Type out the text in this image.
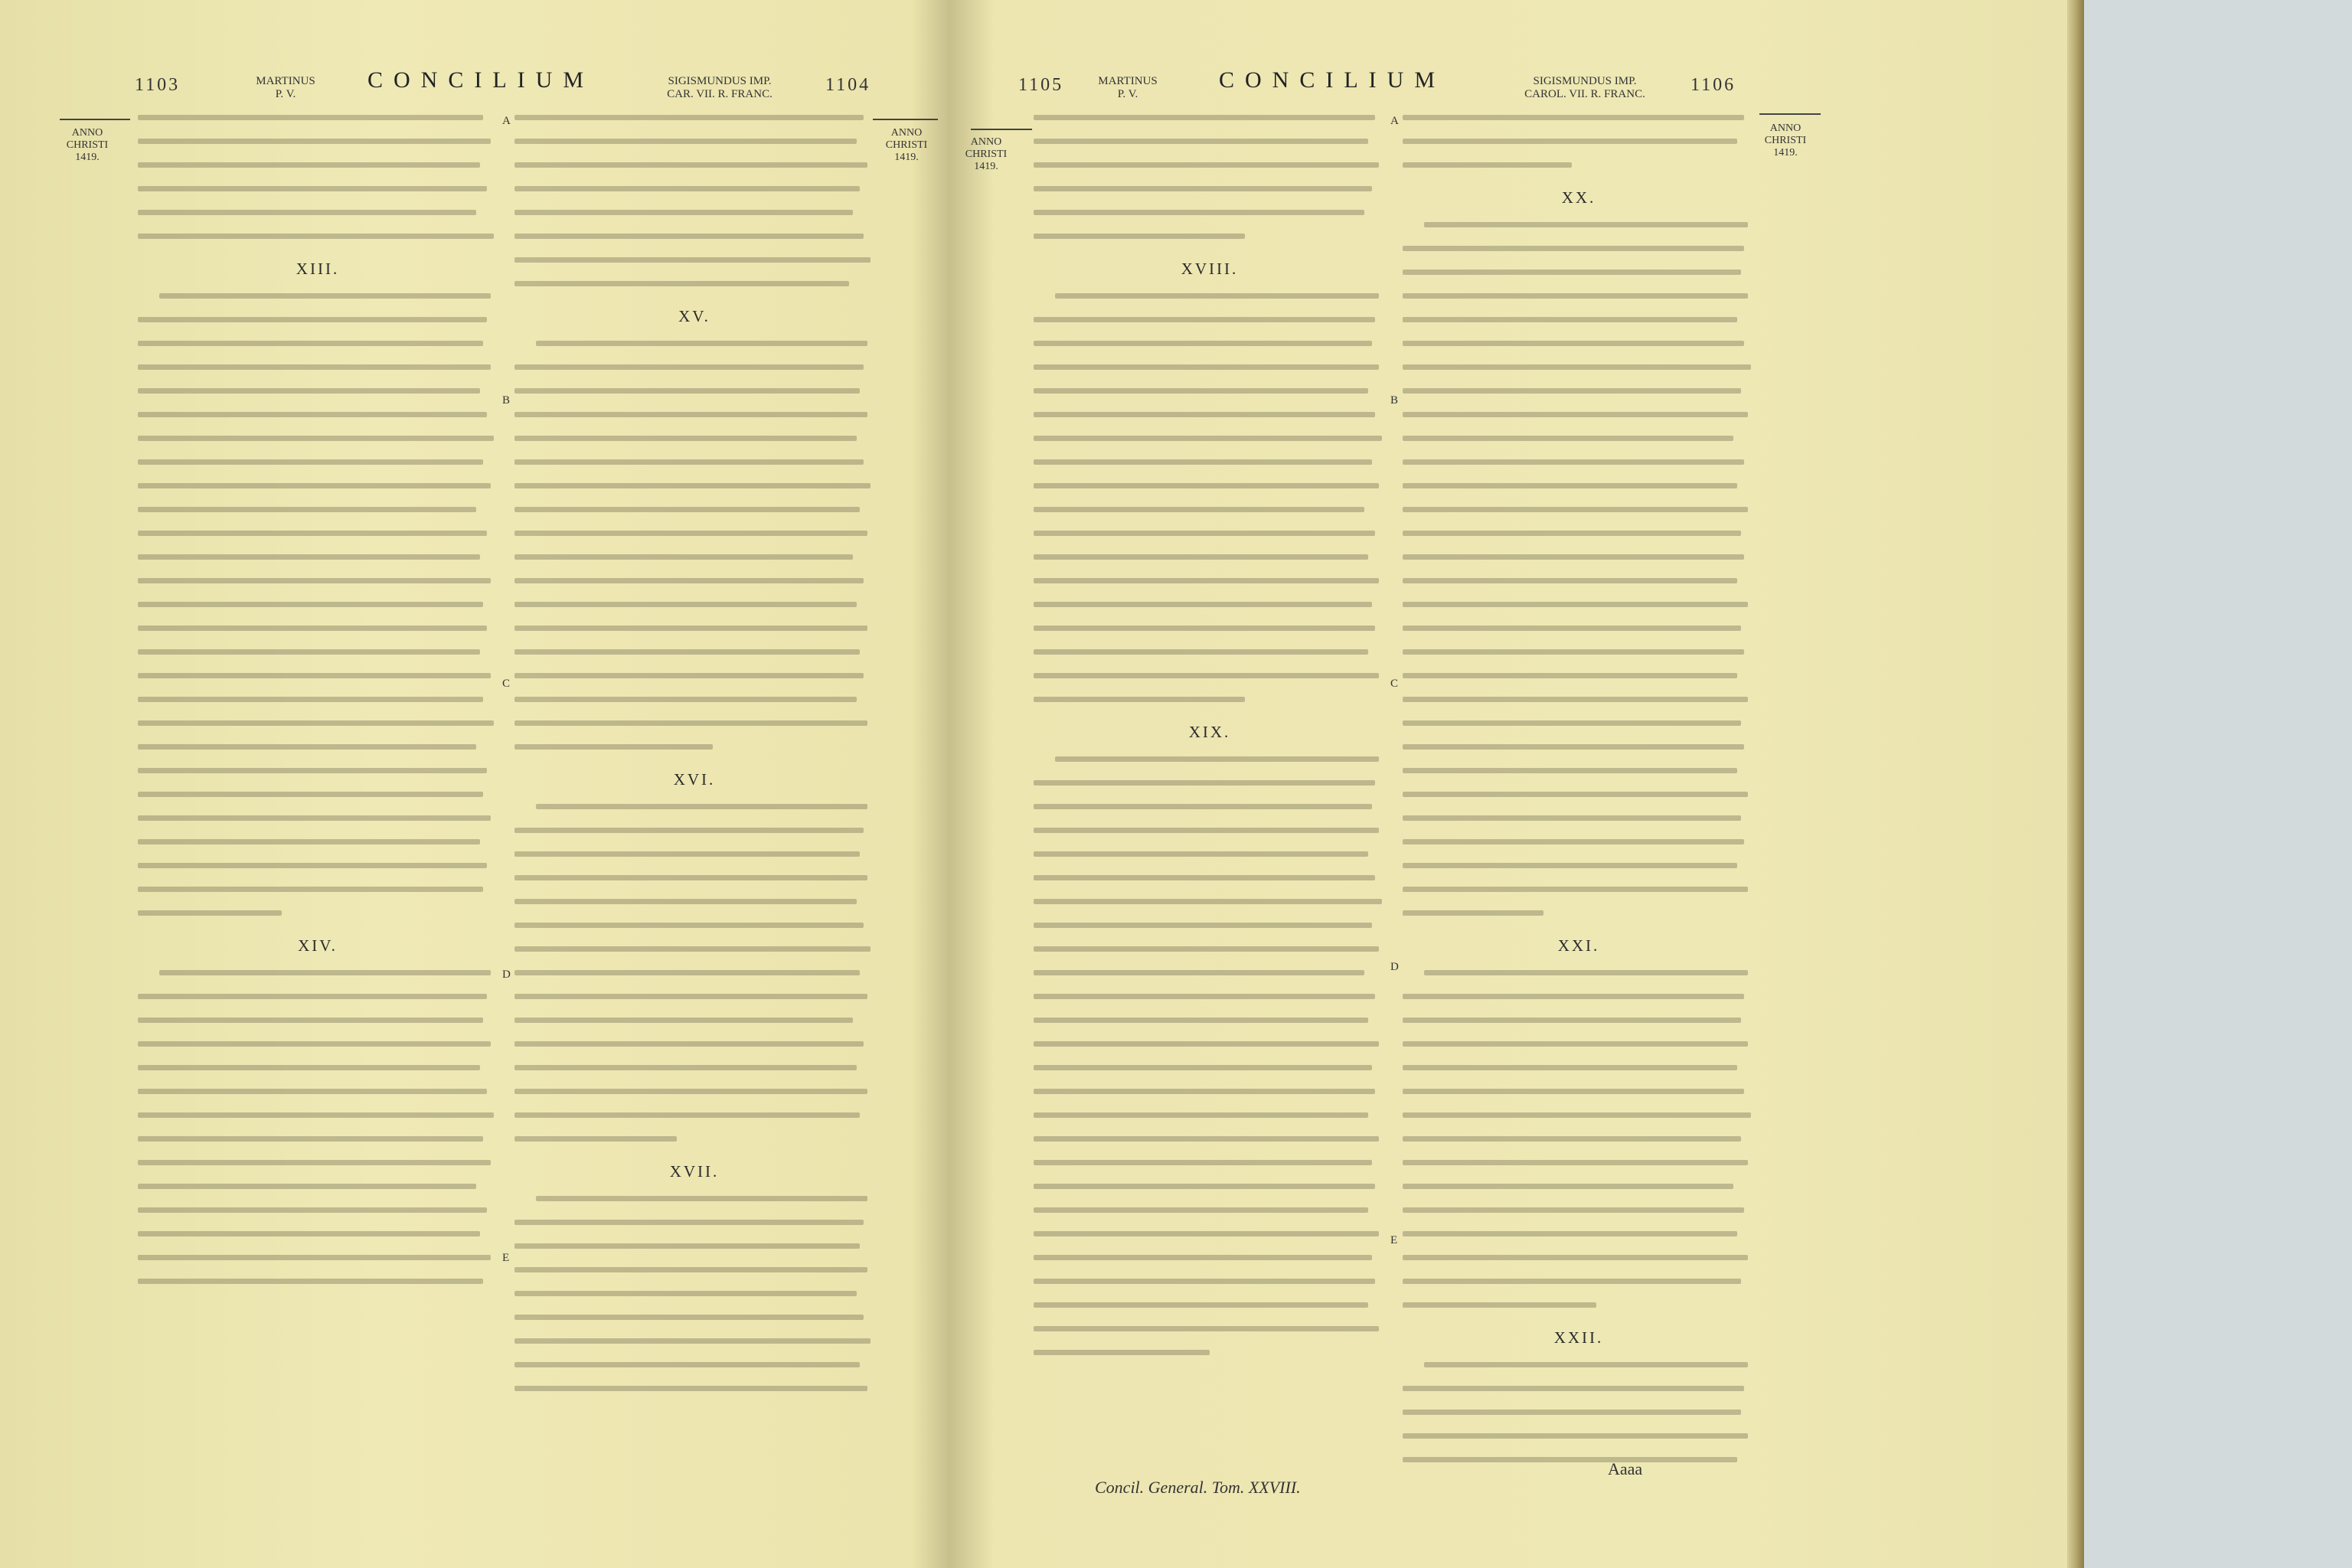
1103	MARTINUS
P. V.
CONCILIUM	SIGISMUNDUS IMP.
CAR. VII. R. FRANC.	1104
ANNO
CHRISTI
1419.
ANNO
CHRISTI
1419.
XIII.
XIV.
XV.
XVI.
XVII.
A
B
C
D
E
1105	MARTINUS
P. V.
CONCILIUM	SIGISMUNDUS IMP.
CAROL. VII. R. FRANC.	1106
ANNO
CHRISTI
1419.
ANNO
CHRISTI
1419.
XVIII.
XIX.
XX.
XXI.
XXII.
A
B
C
D
E
Concil. General. Tom. XXVIII.
Aaaa
